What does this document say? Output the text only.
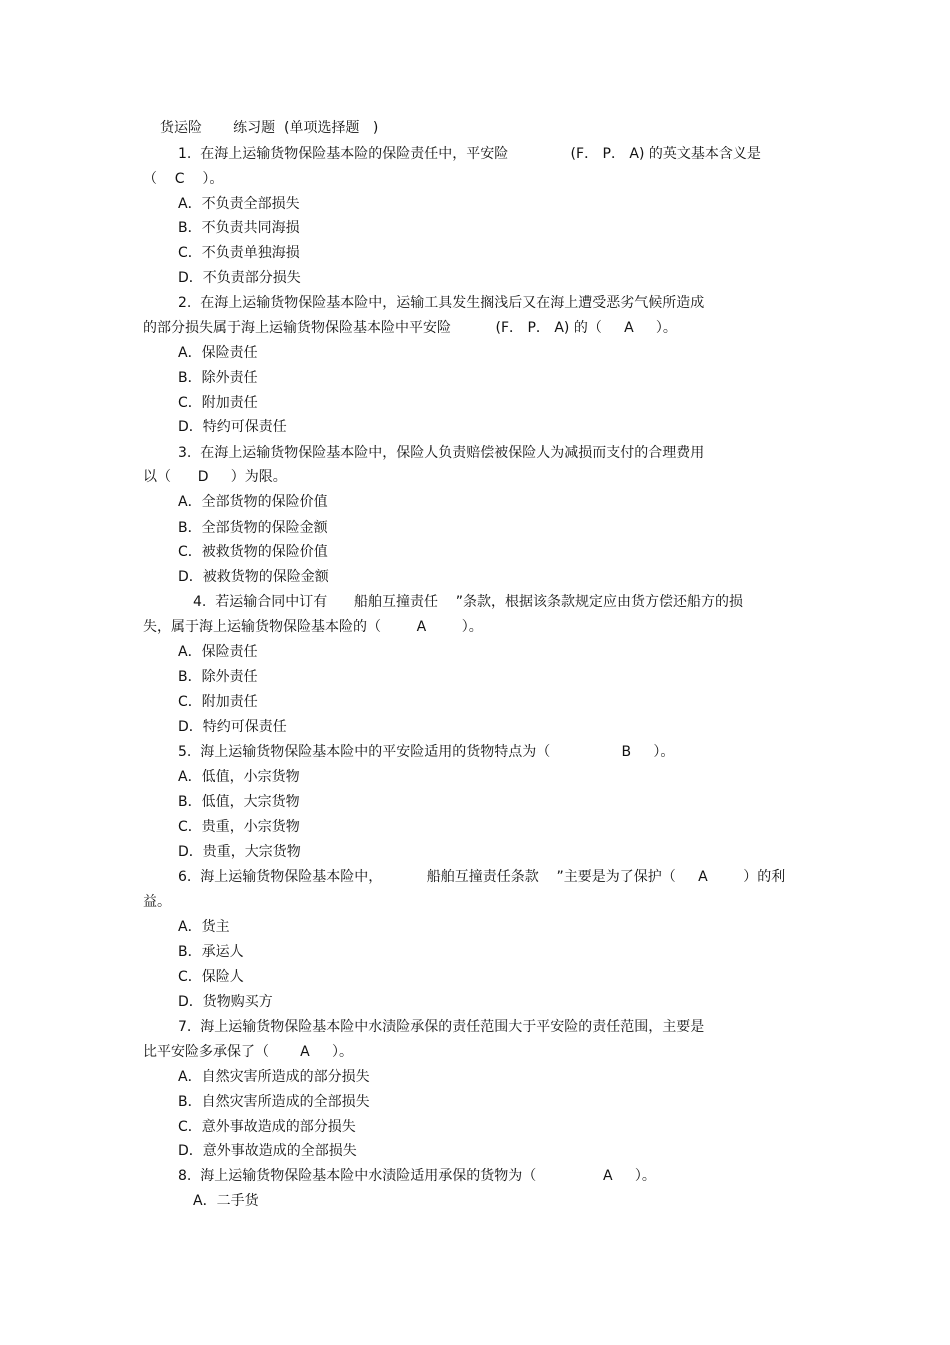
货运险       练习题  (单项选择题   )
1.  在海上运输货物保险基本险的保险责任中，平安险              (F． P． A) 的英文基本含义是
（    C    ）。
A．不负责全部损失
B．不负责共同海损
C．不负责单独海损
D．不负责部分损失
2.  在海上运输货物保险基本险中，运输工具发生搁浅后又在海上遭受恶劣气候所造成
的部分损失属于海上运输货物保险基本险中平安险          (F． P． A) 的（     A     ）。
A．保险责任
B．除外责任
C．附加责任
D．特约可保责任
3.  在海上运输货物保险基本险中，保险人负责赔偿被保险人为减损而支付的合理费用
以（      D     ）为限。
A．全部货物的保险价值
B．全部货物的保险金额
C．被救货物的保险价值
D．被救货物的保险金额
4.  若运输合同中订有      船舶互撞责任    ”条款，根据该条款规定应由货方偿还船方的损
失，属于海上运输货物保险基本险的（        A        ）。
A．保险责任
B．除外责任
C．附加责任
D．特约可保责任
5.  海上运输货物保险基本险中的平安险适用的货物特点为（                B     ）。
A．低值，小宗货物
B．低值，大宗货物
C．贵重，小宗货物
D．贵重，大宗货物
6.  海上运输货物保险基本险中，          船舶互撞责任条款    ”主要是为了保护（     A        ）的利
益。
A．货主
B．承运人
C．保险人
D．货物购买方
7.  海上运输货物保险基本险中水渍险承保的责任范围大于平安险的责任范围，主要是
比平安险多承保了（       A     ）。
A．自然灾害所造成的部分损失
B．自然灾害所造成的全部损失
C．意外事故造成的部分损失
D．意外事故造成的全部损失
8.  海上运输货物保险基本险中水渍险适用承保的货物为（               A     ）。
A．二手货
